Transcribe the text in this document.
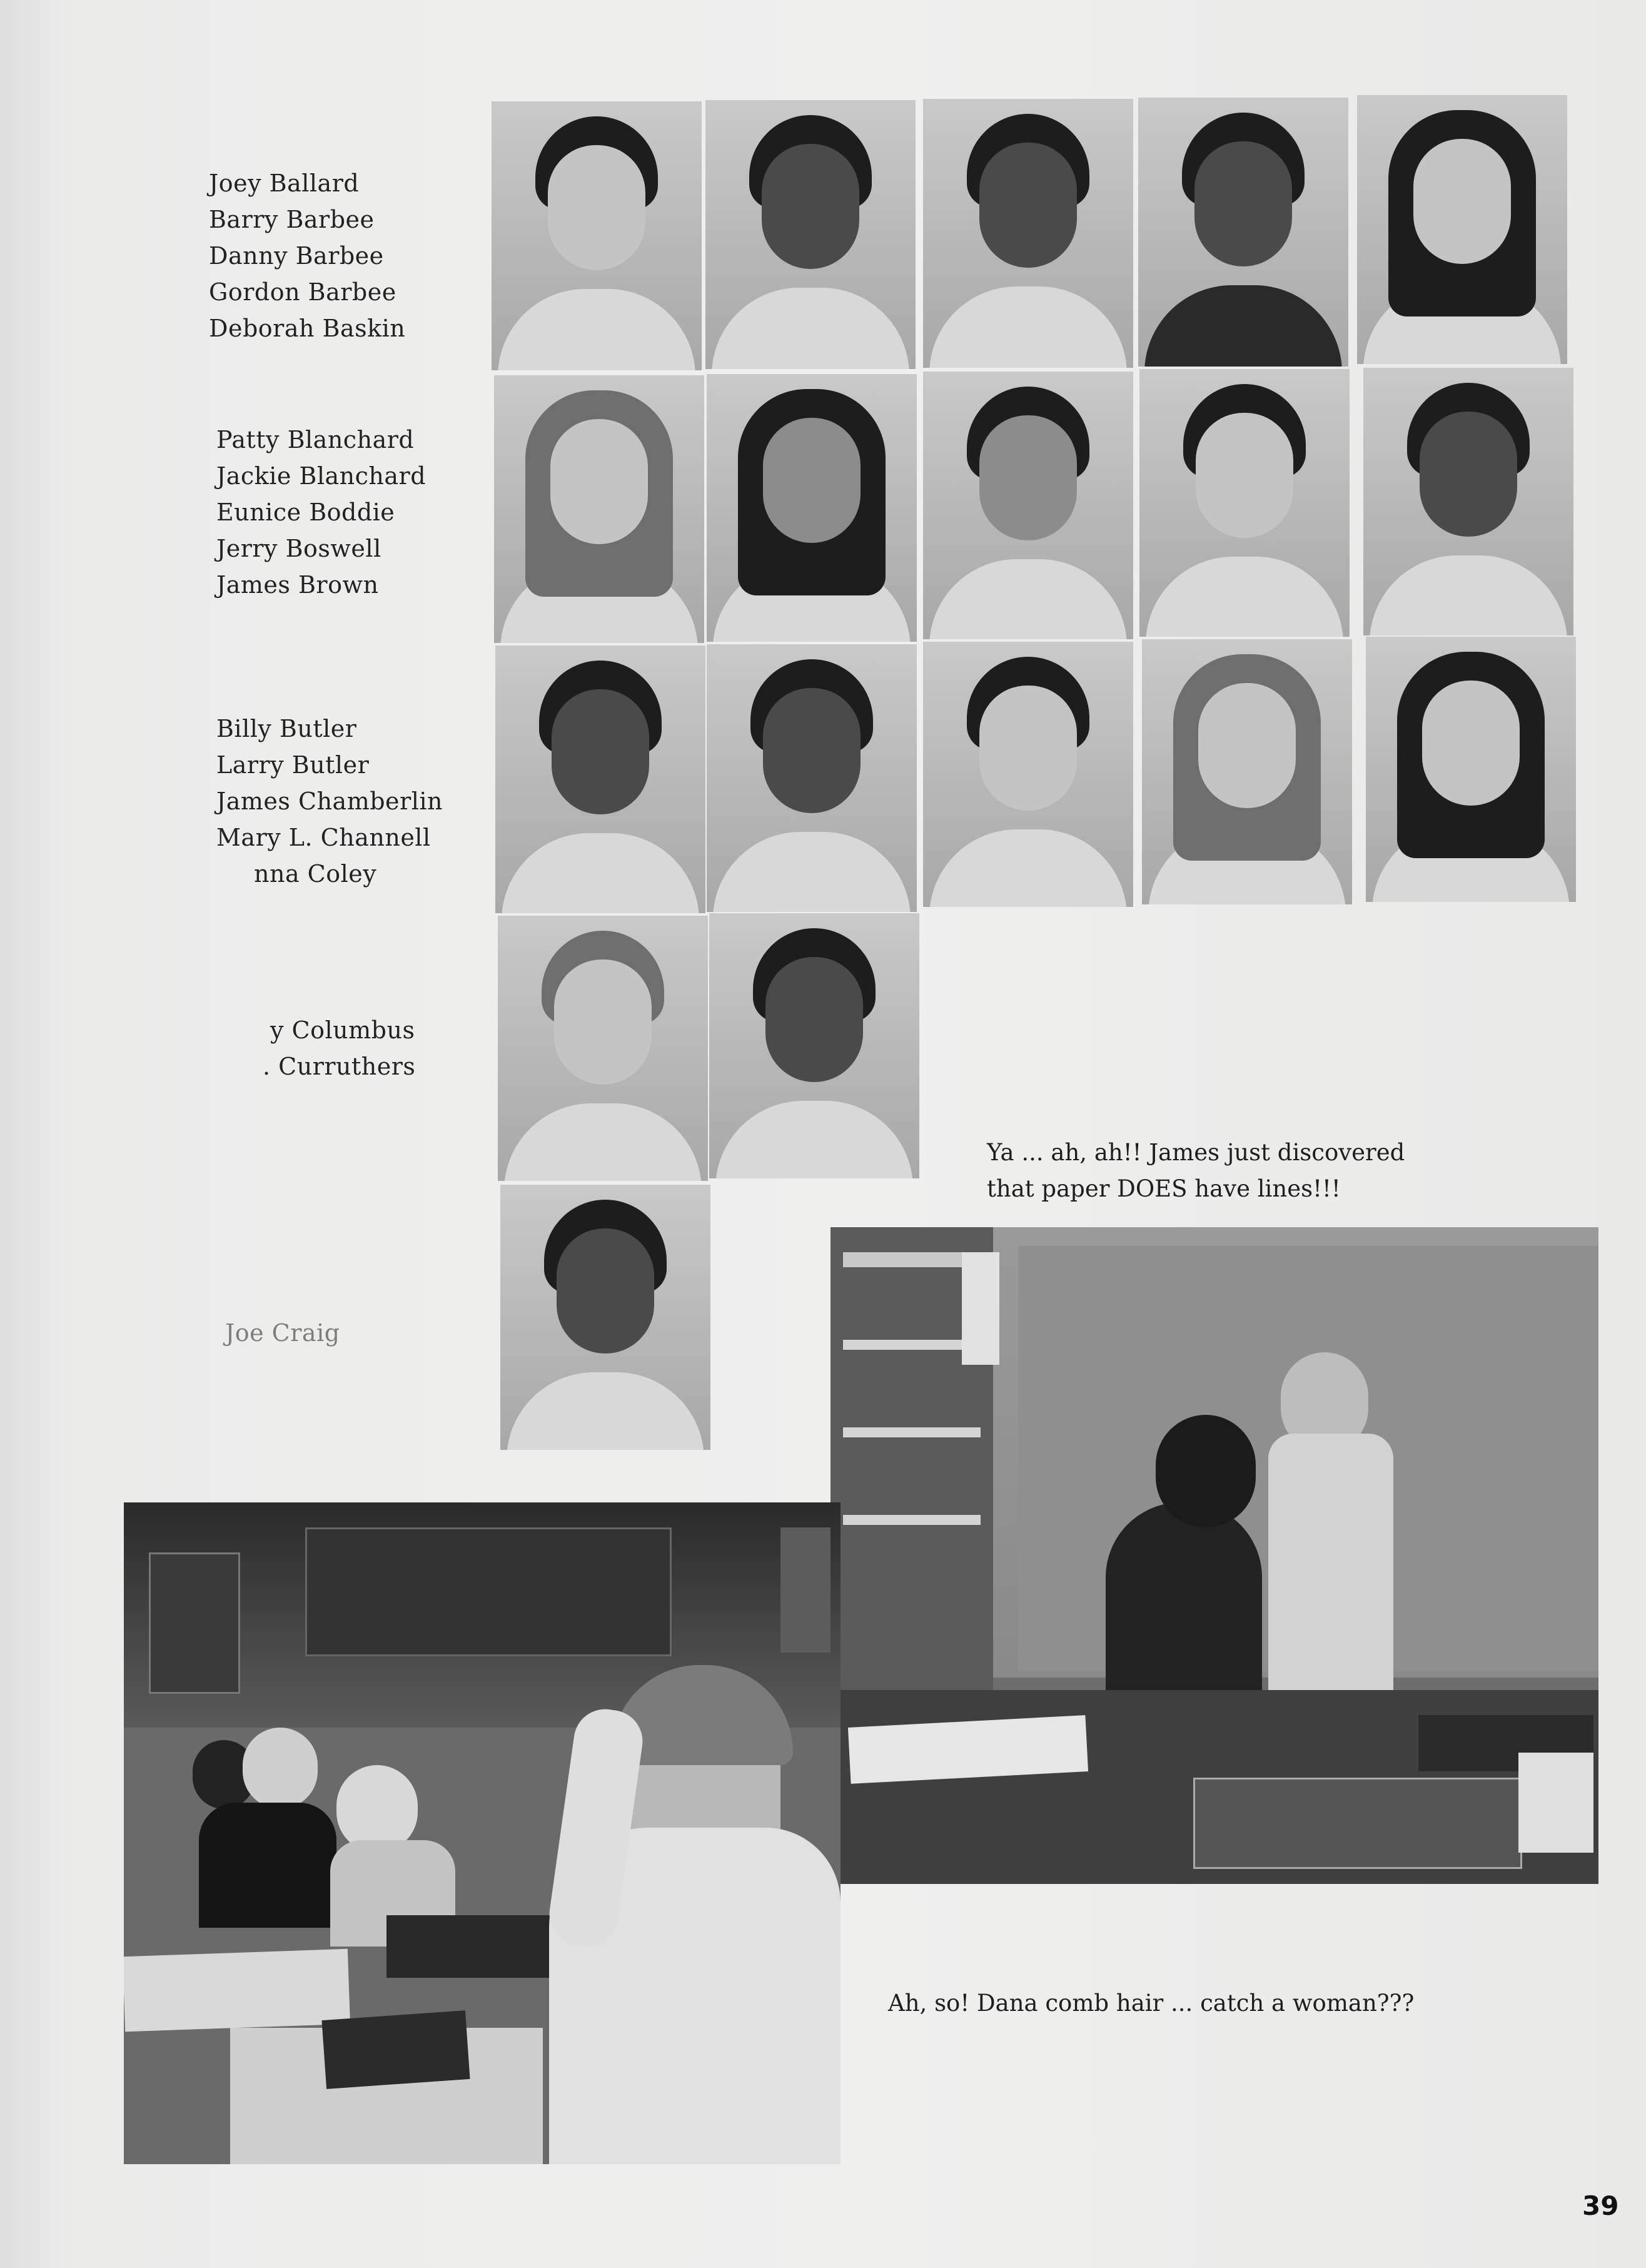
Joey Ballard
Barry Barbee
Danny Barbee
Gordon Barbee
Deborah Baskin
Patty Blanchard
Jackie Blanchard
Eunice Boddie
Jerry Boswell
James Brown
Billy Butler
Larry Butler
James Chamberlin
Mary L. Channell
nna Coley
y Columbus
. Curruthers
Joe Craig
Ya ... ah, ah!! James just discovered
that paper DOES have lines!!!
Ah, so! Dana comb hair ... catch a woman???
39
